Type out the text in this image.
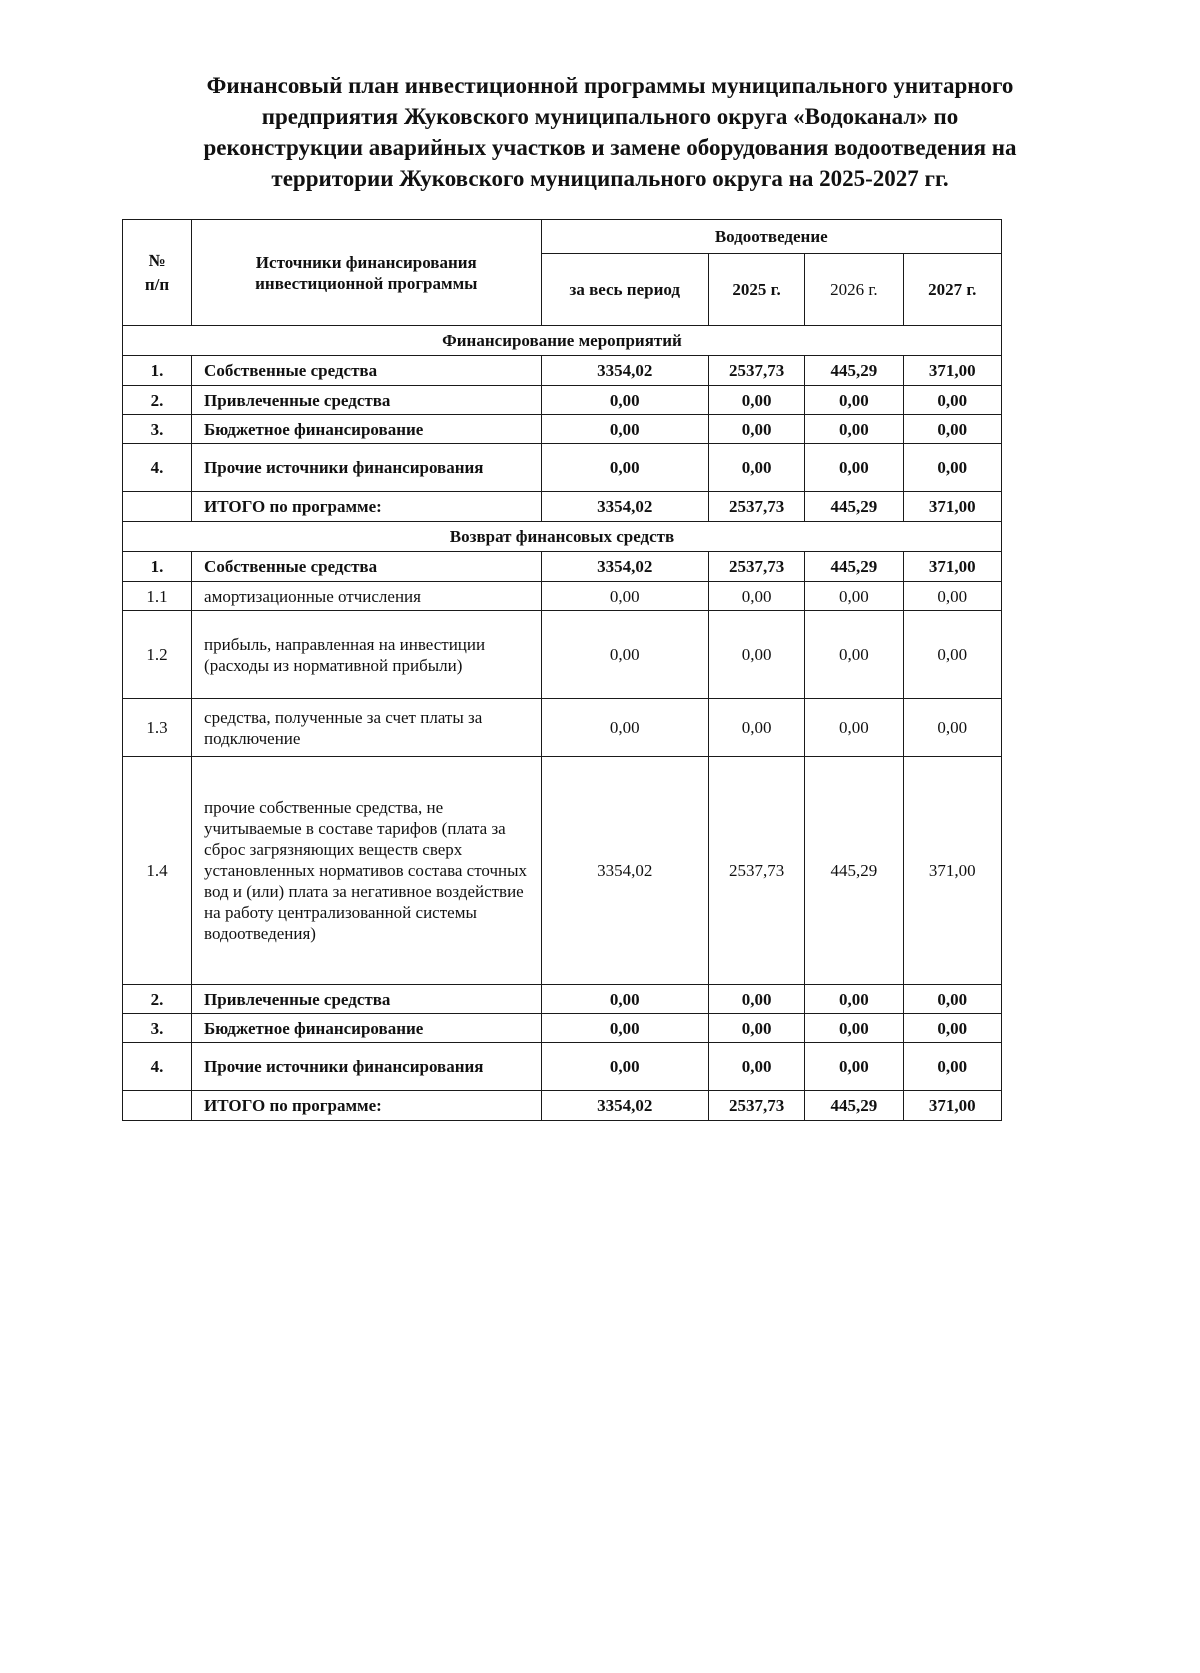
Финансовый план инвестиционной программы муниципального унитарного
предприятия Жуковского муниципального округа «Водоканал» по
реконструкции аварийных участков и замене оборудования водоотведения на
территории Жуковского муниципального округа на 2025-2027 гг.
№
п/п	Источники финансирования инвестиционной программы	Водоотведение			
		за весь период	2025 г.	2026 г.	2027 г.
Финансирование мероприятий					
1.	Собственные средства	3354,02	2537,73	445,29	371,00
2.	Привлеченные средства	0,00	0,00	0,00	0,00
3.	Бюджетное финансирование	0,00	0,00	0,00	0,00
4.	Прочие источники финансирования	0,00	0,00	0,00	0,00
	ИТОГО по программе:	3354,02	2537,73	445,29	371,00
Возврат финансовых средств					
1.	Собственные средства	3354,02	2537,73	445,29	371,00
1.1	амортизационные отчисления	0,00	0,00	0,00	0,00
1.2	прибыль, направленная на инвестиции (расходы из нормативной прибыли)	0,00	0,00	0,00	0,00
1.3	средства, полученные за счет платы за подключение	0,00	0,00	0,00	0,00
1.4	прочие собственные средства, не учитываемые в составе тарифов (плата за сброс загрязняющих веществ сверх установленных нормативов состава сточных вод и (или) плата за негативное воздействие на работу централизованной системы водоотведения)	3354,02	2537,73	445,29	371,00
2.	Привлеченные средства	0,00	0,00	0,00	0,00
3.	Бюджетное финансирование	0,00	0,00	0,00	0,00
4.	Прочие источники финансирования	0,00	0,00	0,00	0,00
	ИТОГО по программе:	3354,02	2537,73	445,29	371,00
